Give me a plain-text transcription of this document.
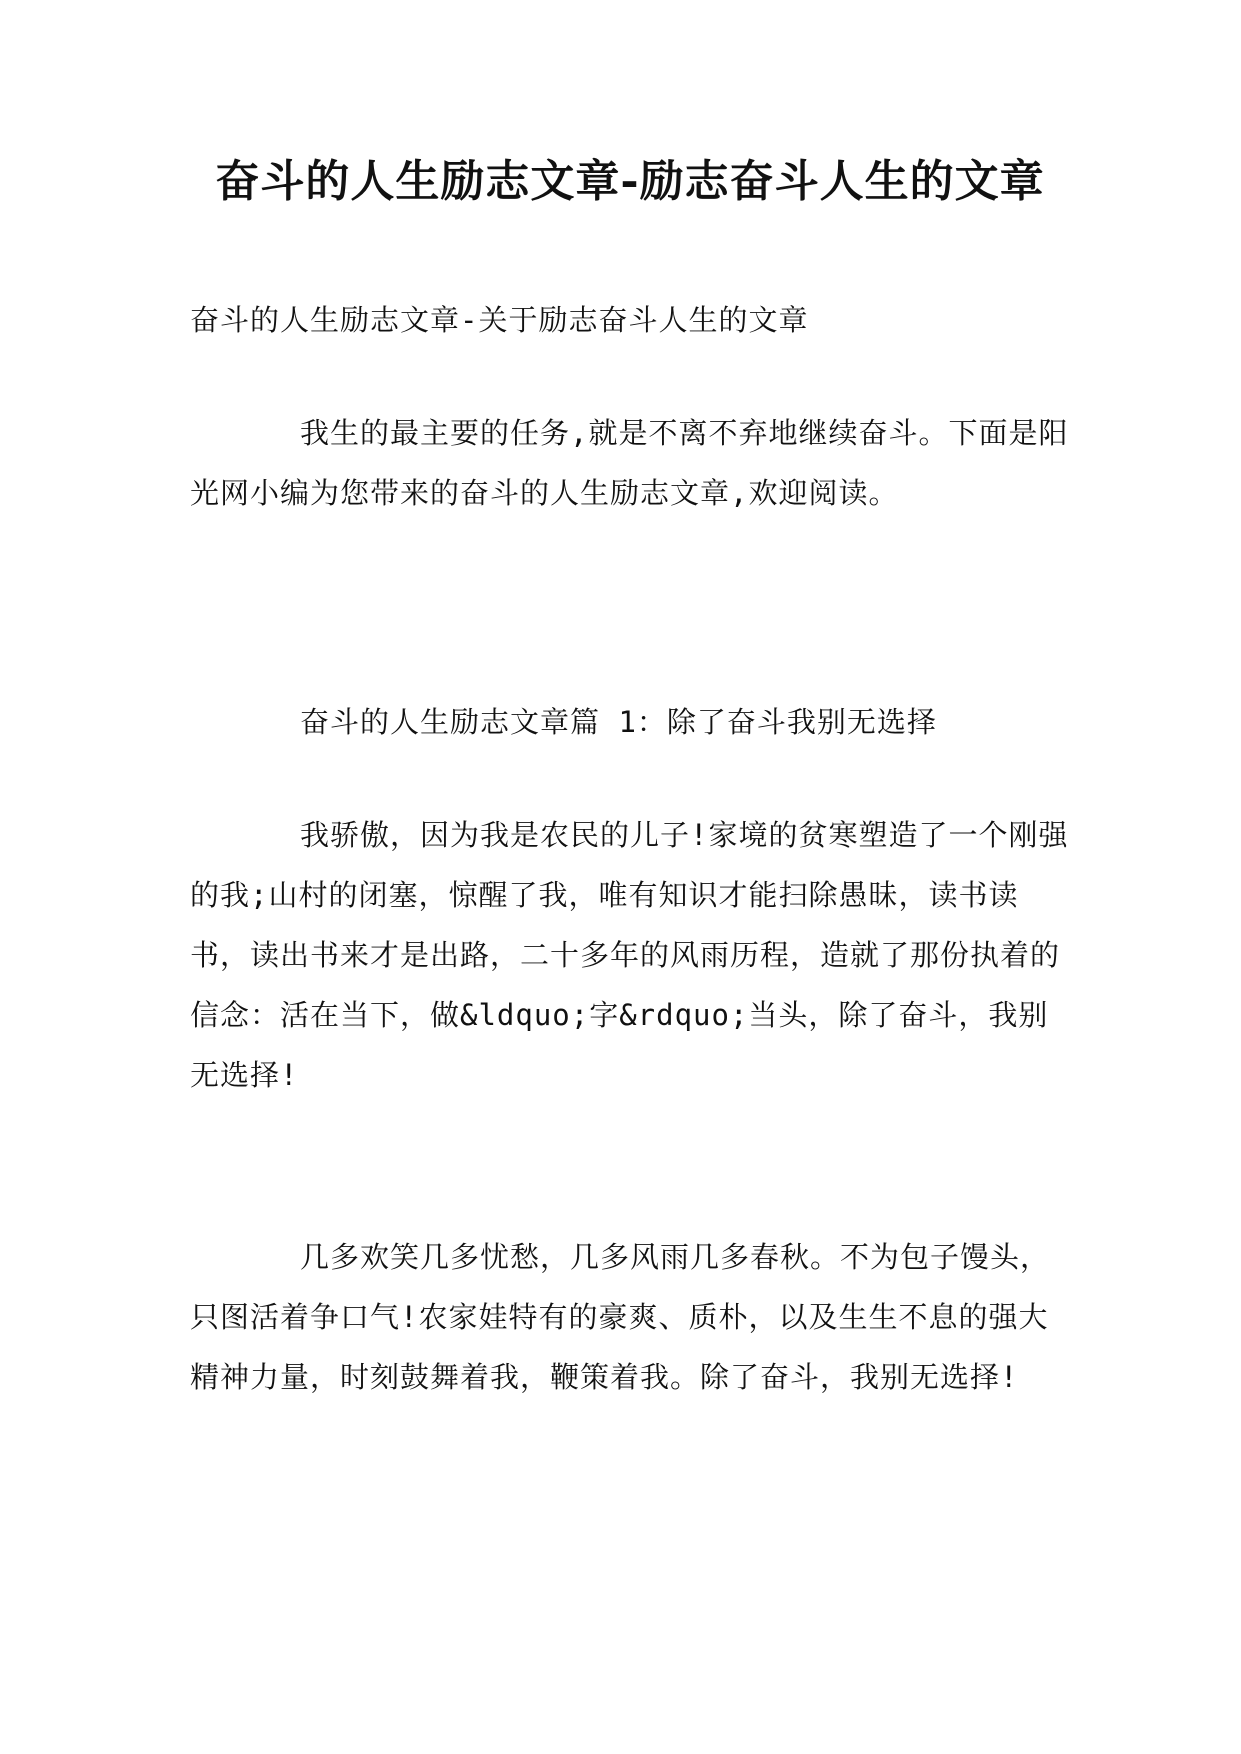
奋斗的人生励志文章-励志奋斗人生的文章

奋斗的人生励志文章-关于励志奋斗人生的文章

我生的最主要的任务,就是不离不弃地继续奋斗。下面是阳光网小编为您带来的奋斗的人生励志文章,欢迎阅读。

奋斗的人生励志文章篇 1：除了奋斗我别无选择

我骄傲，因为我是农民的儿子!家境的贫寒塑造了一个刚强的我;山村的闭塞，惊醒了我，唯有知识才能扫除愚昧，读书读书，读出书来才是出路，二十多年的风雨历程，造就了那份执着的信念：活在当下，做&ldquo;字&rdquo;当头，除了奋斗，我别无选择!

几多欢笑几多忧愁，几多风雨几多春秋。不为包子馒头，只图活着争口气!农家娃特有的豪爽、质朴，以及生生不息的强大精神力量，时刻鼓舞着我，鞭策着我。除了奋斗，我别无选择!
